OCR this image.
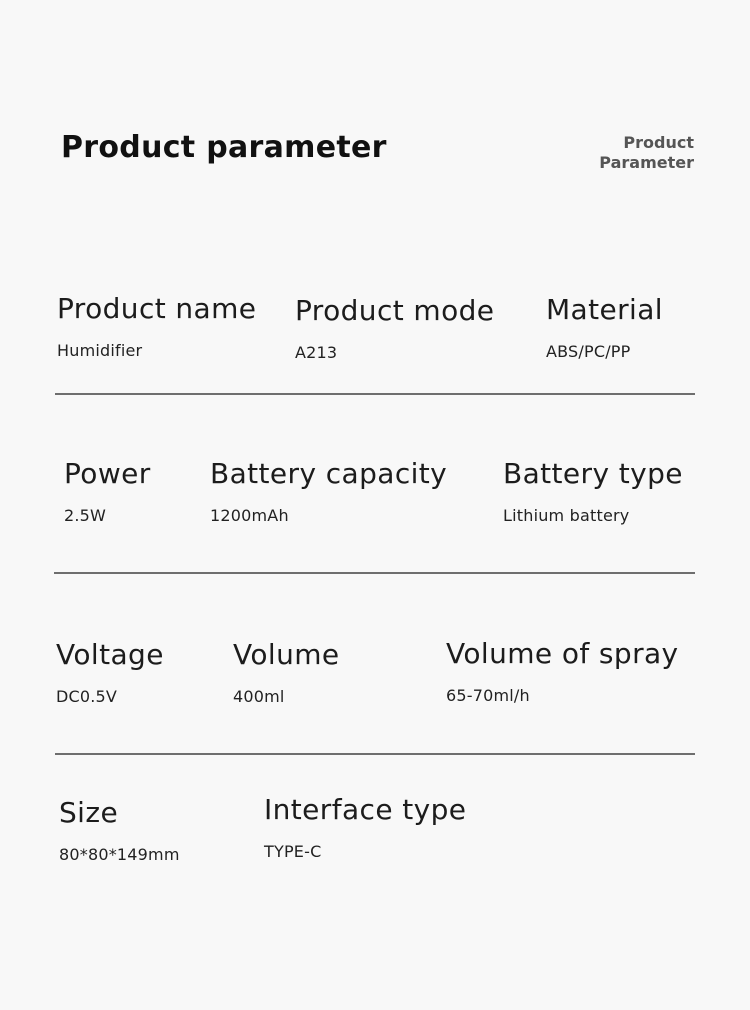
Product parameter	Product
Parameter
Product name
Humidifier
Product mode
A213
Material
ABS/PC/PP
Power
2.5W
Battery capacity
1200mAh
Battery type
Lithium battery
Voltage
DC0.5V
Volume
400ml
Volume of spray
65-70ml/h
Size
80*80*149mm
Interface type
TYPE-C
